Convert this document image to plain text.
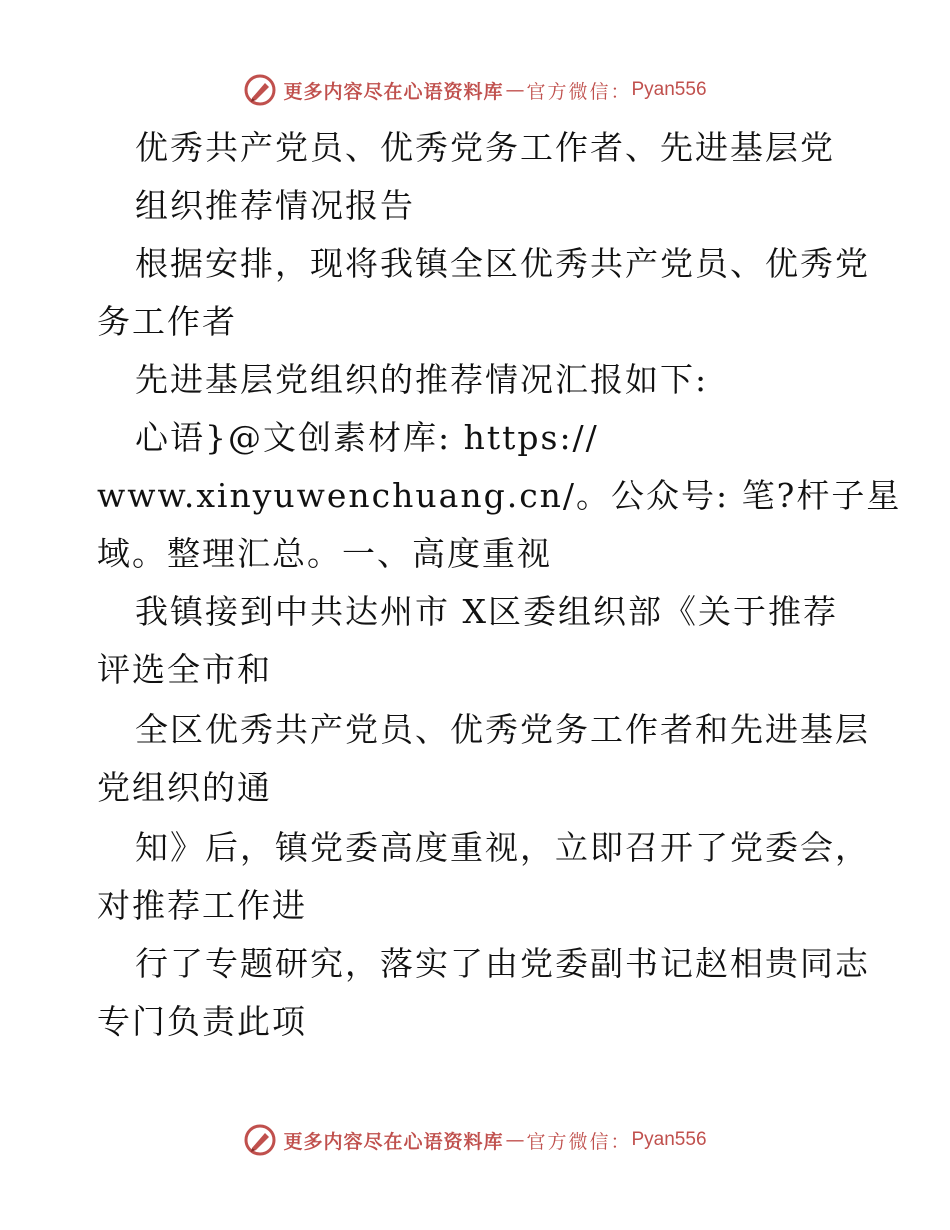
更多内容尽在心语资料库 — 官方微信： Pyan556
优秀共产党员、优秀党务工作者、先进基层党
组织推荐情况报告
根据安排，现将我镇全区优秀共产党员、优秀党
务工作者
先进基层党组织的推荐情况汇报如下:
心语}@文创素材库: https://
www.xinyuwenchuang.cn/。公众号: 笔?杆子星
域。整理汇总。一、高度重视
我镇接到中共达州市 X区委组织部《关于推荐
评选全市和
全区优秀共产党员、优秀党务工作者和先进基层
党组织的通
知》后，镇党委高度重视，立即召开了党委会，
对推荐工作进
行了专题研究，落实了由党委副书记赵相贵同志
专门负责此项
更多内容尽在心语资料库 — 官方微信： Pyan556
